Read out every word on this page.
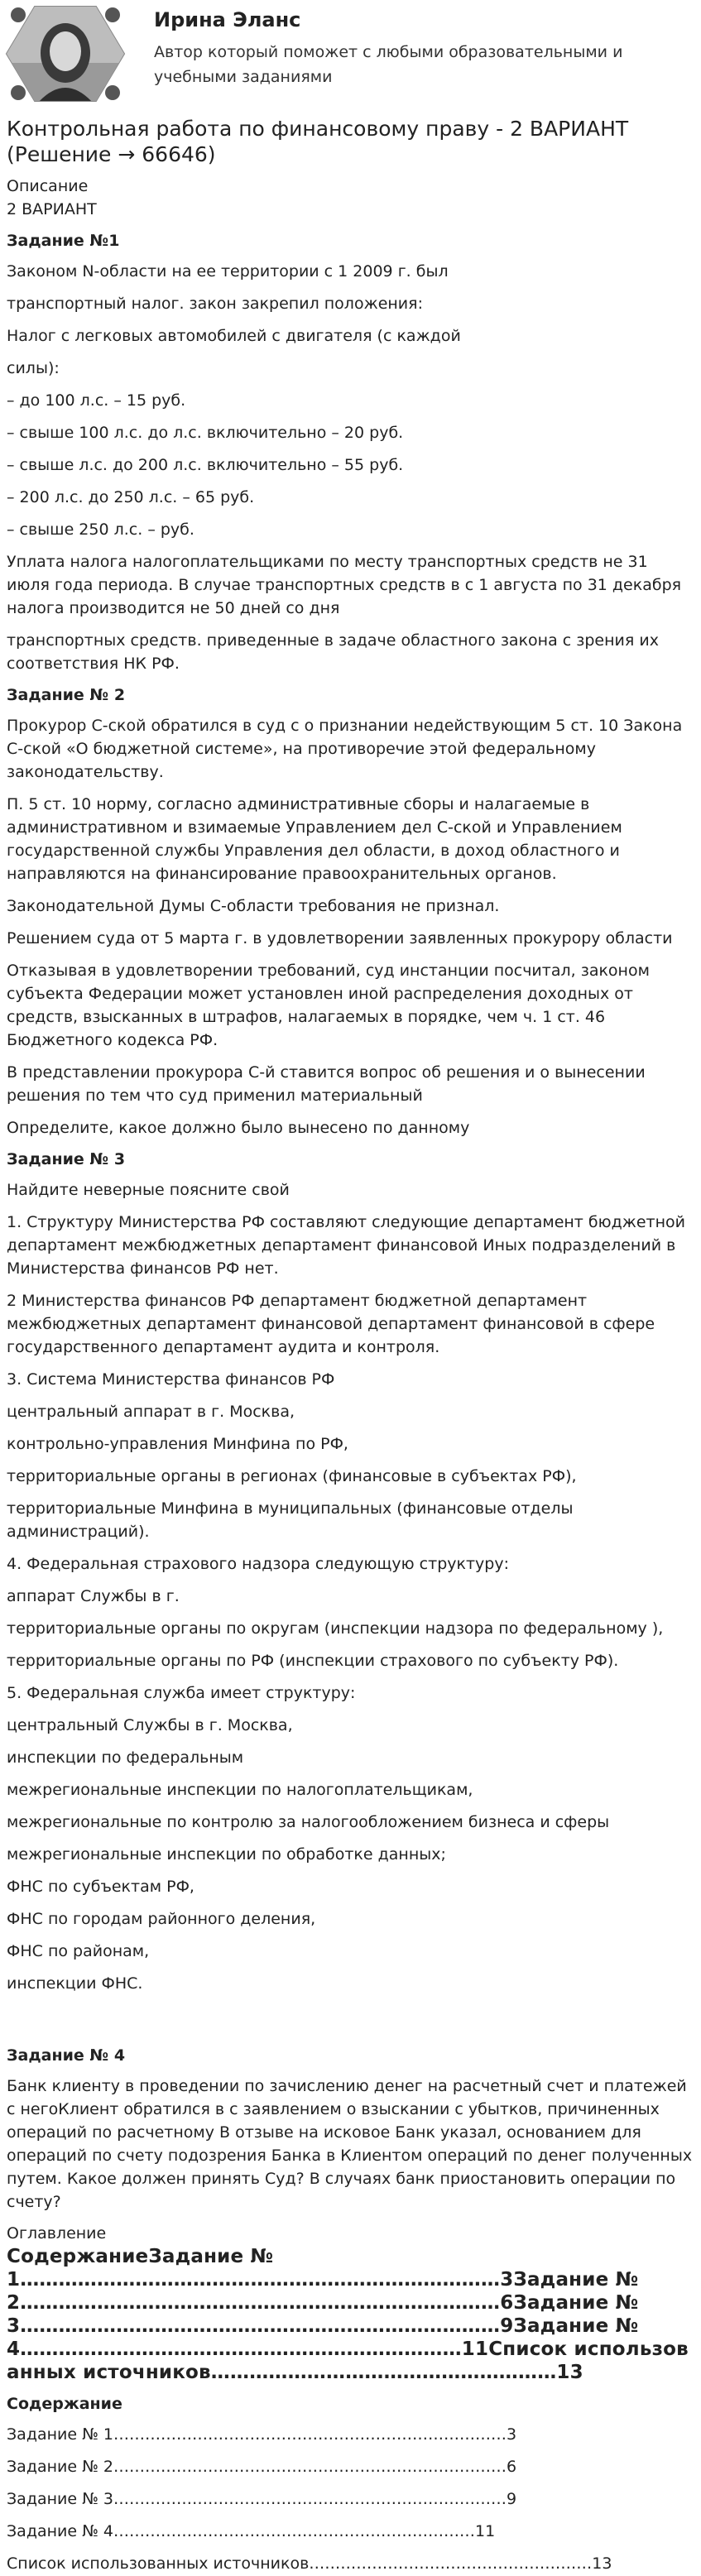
Ирина Эланс
Автор который поможет с любыми образовательными и учебными заданиями
Контрольная работа по финансовому праву - 2 ВАРИАНТ (Решение → 66646)

Описание

2 ВАРИАНТ

Задание №1

Законом N-области на ее территории с 1 2009 г. был

транспортный налог. закон закрепил положения:

Налог с легковых автомобилей с двигателя (с каждой

силы):

– до 100 л.с. – 15 руб.

– свыше 100 л.с. до л.с. включительно – 20 руб.

– свыше л.с. до 200 л.с. включительно – 55 руб.

– 200 л.с. до 250 л.с. – 65 руб.

– свыше 250 л.с. – руб.

Уплата налога налогоплательщиками по месту транспортных средств не 31 июля года периода. В случае транспортных средств в с 1 августа по 31 декабря налога производится не 50 дней со дня

транспортных средств. приведенные в задаче областного закона с зрения их соответствия НК РФ.

Задание № 2

Прокурор С-ской обратился в суд с о признании недействующим 5 ст. 10 Закона С-ской «О бюджетной системе», на противоречие этой федеральному законодательству.

П. 5 ст. 10 норму, согласно административные сборы и налагаемые в административном и взимаемые Управлением дел С-ской и Управлением государственной службы Управления дел области, в доход областного и направляются на финансирование правоохранительных органов.

Законодательной Думы С-области требования не признал.

Решением суда от 5 марта г. в удовлетворении заявленных прокурору области

Отказывая в удовлетворении требований, суд инстанции посчитал, законом субъекта Федерации может установлен иной распределения доходных от средств, взысканных в штрафов, налагаемых в порядке, чем ч. 1 ст. 46 Бюджетного кодекса РФ.

В представлении прокурора С-й ставится вопрос об решения и о вынесении решения по тем что суд применил материальный

Определите, какое должно было вынесено по данному

Задание № 3

Найдите неверные поясните свой

1. Структуру Министерства РФ составляют следующие департамент бюджетной департамент межбюджетных департамент финансовой Иных подразделений в Министерства финансов РФ нет.

2 Министерства финансов РФ департамент бюджетной департамент межбюджетных департамент финансовой департамент финансовой в сфере государственного департамент аудита и контроля.

3. Система Министерства финансов РФ

центральный аппарат в г. Москва,

контрольно-управления Минфина по РФ,

территориальные органы в регионах (финансовые в субъектах РФ),

территориальные Минфина в муниципальных (финансовые отделы администраций).

4. Федеральная страхового надзора следующую структуру:

аппарат Службы в г.

территориальные органы по округам (инспекции надзора по федеральному ),

территориальные органы по РФ (инспекции страхового по субъекту РФ).

5. Федеральная служба имеет структуру:

центральный Службы в г. Москва,

инспекции по федеральным

межрегиональные инспекции по налогоплательщикам,

межрегиональные по контролю за налогообложением бизнеса и сферы

межрегиональные инспекции по обработке данных;

ФНС по субъектам РФ,

ФНС по городам районного деления,

ФНС по районам,

инспекции ФНС.

Задание № 4

Банк клиенту в проведении по зачислению денег на расчетный счет и платежей с негоКлиент обратился в с заявлением о взыскании с убытков, причиненных операций по расчетному В отзыве на исковое Банк указал, основанием для операций по счету подозрения Банка в Клиентом операций по денег полученных путем. Какое должен принять Суд? В случаях банк приостановить операции по счету?

Оглавление

СодержаниеЗадание № 1…………………………………………………………………3Задание № 2…………………………………………………………………6Задание № 3…………………………………………………………………9Задание № 4……………………………………………………………11Список использованных источников………………………………………………13

Содержание

Задание № 1…………………………………………………………………3

Задание № 2…………………………………………………………………6

Задание № 3…………………………………………………………………9

Задание № 4……………………………………………………………11

Список использованных источников………………………………………………13
